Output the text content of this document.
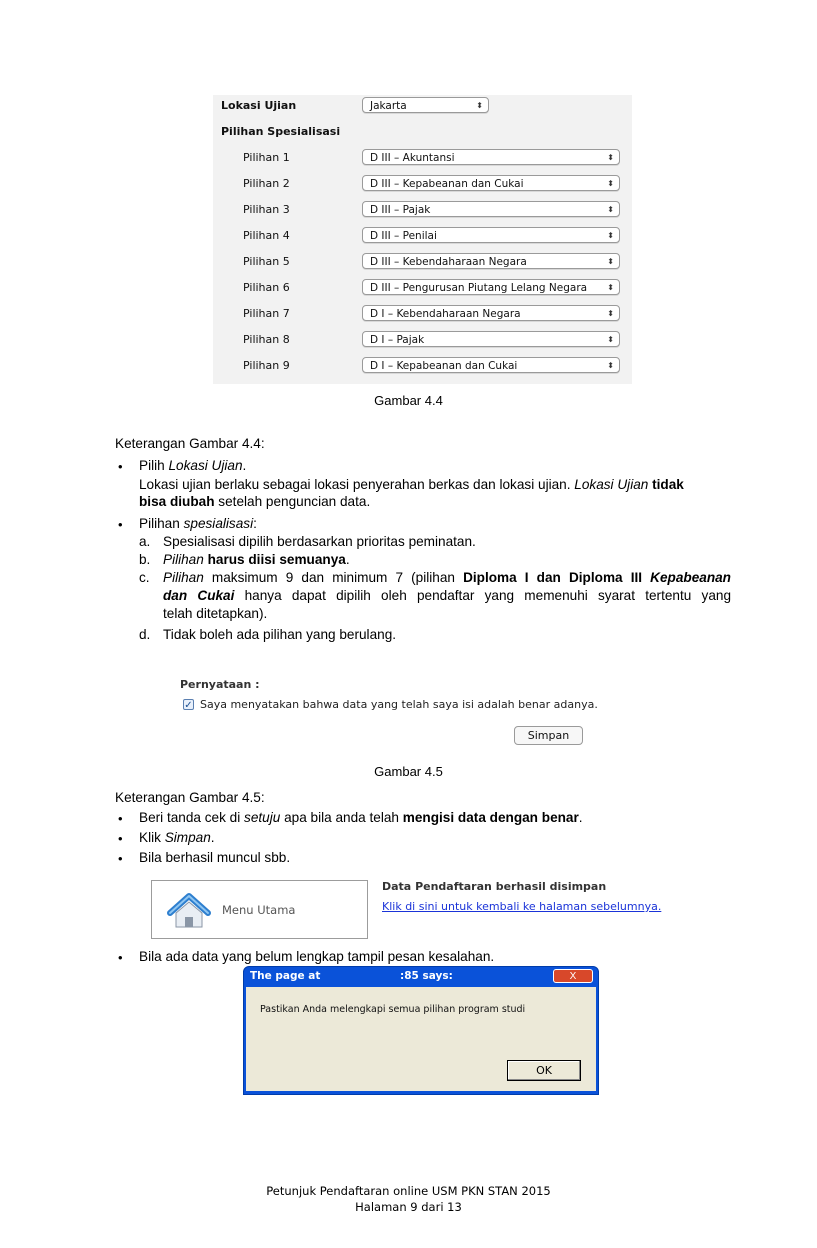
Lokasi Ujian	Jakarta	⬍
Pilihan Spesialisasi
Pilihan 1	D III – Akuntansi	⬍
Pilihan 2	D III – Kepabeanan dan Cukai	⬍
Pilihan 3	D III – Pajak	⬍
Pilihan 4	D III – Penilai	⬍
Pilihan 5	D III – Kebendaharaan Negara	⬍
Pilihan 6	D III – Pengurusan Piutang Lelang Negara	⬍
Pilihan 7	D I – Kebendaharaan Negara	⬍
Pilihan 8	D I – Pajak	⬍
Pilihan 9	D I – Kepabeanan dan Cukai	⬍
Gambar 4.4
Keterangan Gambar 4.4:
• Pilih Lokasi Ujian.
Lokasi ujian berlaku sebagai lokasi penyerahan berkas dan lokasi ujian. Lokasi Ujian tidak
bisa diubah setelah penguncian data.
• Pilihan spesialisasi:
a. Spesialisasi dipilih berdasarkan prioritas peminatan.
b. Pilihan harus diisi semuanya.
c. Pilihan maksimum 9 dan minimum 7 (pilihan Diploma I dan Diploma III Kepabeanan
dan Cukai hanya dapat dipilih oleh pendaftar yang memenuhi syarat tertentu yang
telah ditetapkan).
d. Tidak boleh ada pilihan yang berulang.
Pernyataan :
✓ Saya menyatakan bahwa data yang telah saya isi adalah benar adanya.
Simpan
Gambar 4.5
Keterangan Gambar 4.5:
• Beri tanda cek di setuju apa bila anda telah mengisi data dengan benar.
• Klik Simpan.
• Bila berhasil muncul sbb.
Menu Utama
Data Pendaftaran berhasil disimpan
Klik di sini untuk kembali ke halaman sebelumnya.
• Bila ada data yang belum lengkap tampil pesan kesalahan.
The page at	:85 says:	X
Pastikan Anda melengkapi semua pilihan program studi
OK
Petunjuk Pendaftaran online USM PKN STAN 2015
Halaman 9 dari 13
